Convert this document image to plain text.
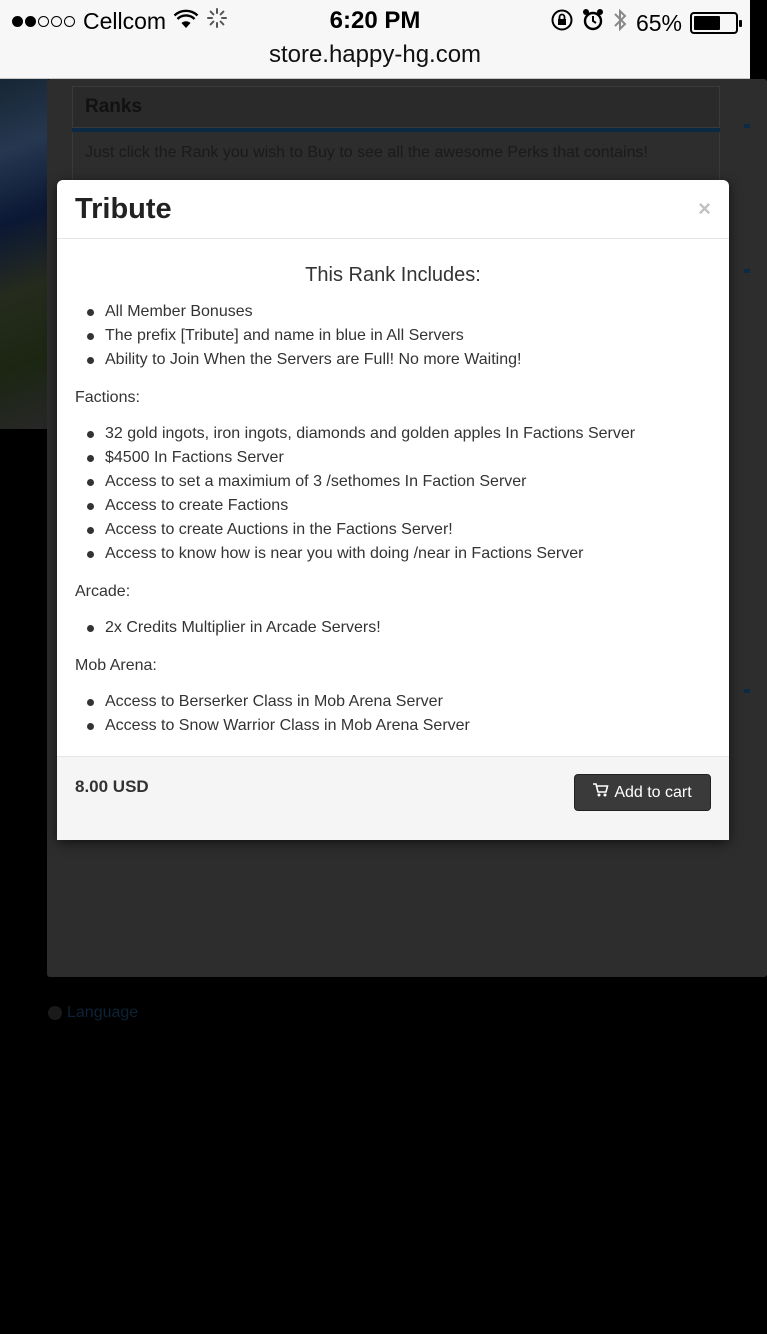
Cellcom	6:20 PM	65%
store.happy-hg.com
Ranks
Just click the Rank you wish to Buy to see all the awesome Perks that contains!
Language
Tribute	×
This Rank Includes:
All Member Bonuses
The prefix [Tribute] and name in blue in All Servers
Ability to Join When the Servers are Full! No more Waiting!
Factions:
32 gold ingots, iron ingots, diamonds and golden apples In Factions Server
$4500 In Factions Server
Access to set a maximium of 3 /sethomes In Faction Server
Access to create Factions
Access to create Auctions in the Factions Server!
Access to know how is near you with doing /near in Factions Server
Arcade:
2x Credits Multiplier in Arcade Servers!
Mob Arena:
Access to Berserker Class in Mob Arena Server
Access to Snow Warrior Class in Mob Arena Server
8.00 USD	Add to cart
